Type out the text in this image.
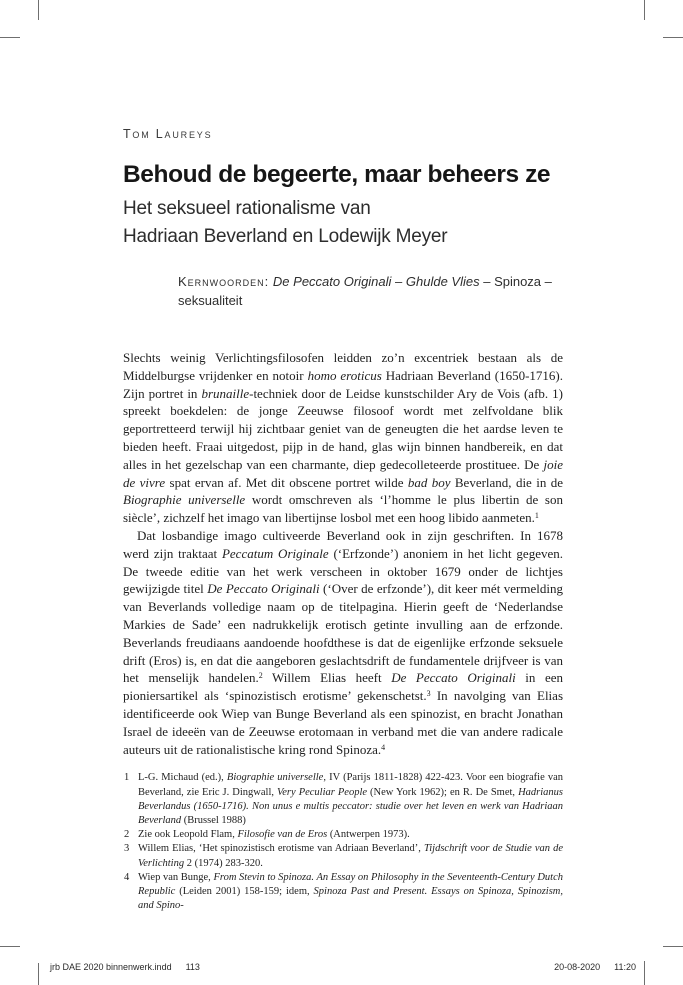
Tom Laureys
Behoud de begeerte, maar beheers ze
Het seksueel rationalisme van
Hadriaan Beverland en Lodewijk Meyer
Kernwoorden: De Peccato Originali – Ghulde Vlies – Spinoza – seksualiteit

Slechts weinig Verlichtingsfilosofen leidden zo’n excentriek bestaan als de Middelburgse vrijdenker en notoir homo eroticus Hadriaan Beverland (1650-1716). Zijn portret in brunaille-techniek door de Leidse kunstschilder Ary de Vois (afb. 1) spreekt boekdelen: de jonge Zeeuwse filosoof wordt met zelfvoldane blik geportretteerd terwijl hij zichtbaar geniet van de geneugten die het aardse leven te bieden heeft. Fraai uitgedost, pijp in de hand, glas wijn binnen handbereik, en dat alles in het gezelschap van een charmante, diep gedecolleteerde prostituee. De joie de vivre spat ervan af. Met dit obscene portret wilde bad boy Beverland, die in de Biographie universelle wordt omschreven als ‘l’homme le plus libertin de son siècle’, zichzelf het imago van libertijnse losbol met een hoog libido aanmeten.$^1$

Dat losbandige imago cultiveerde Beverland ook in zijn geschriften. In 1678 werd zijn traktaat Peccatum Originale (‘Erfzonde’) anoniem in het licht gegeven. De tweede editie van het werk verscheen in oktober 1679 onder de lichtjes gewijzigde titel De Peccato Originali (‘Over de erfzonde’), dit keer mét vermelding van Beverlands volledige naam op de titelpagina. Hierin geeft de ‘Nederlandse Markies de Sade’ een nadrukkelijk erotisch getinte invulling aan de erfzonde. Beverlands freudiaans aandoende hoofdthese is dat de eigenlijke erfzonde seksuele drift (Eros) is, en dat die aangeboren geslachtsdrift de fundamentele drijfveer is van het menselijk handelen.$^2$ Willem Elias heeft De Peccato Originali in een pioniersartikel als ‘spinozistisch erotisme’ gekenschetst.$^3$ In navolging van Elias identificeerde ook Wiep van Bunge Beverland als een spinozist, en bracht Jonathan Israel de ideeën van de Zeeuwse erotomaan in verband met die van andere radicale auteurs uit de rationalistische kring rond Spinoza.$^4$

1 L-G. Michaud (ed.), Biographie universelle, IV (Parijs 1811-1828) 422-423. Voor een biografie van Beverland, zie Eric J. Dingwall, Very Peculiar People (New York 1962); en R. De Smet, Hadrianus Beverlandus (1650-1716). Non unus e multis peccator: studie over het leven en werk van Hadriaan Beverland (Brussel 1988)
2 Zie ook Leopold Flam, Filosofie van de Eros (Antwerpen 1973).
3 Willem Elias, ‘Het spinozistisch erotisme van Adriaan Beverland’, Tijdschrift voor de Studie van de Verlichting 2 (1974) 283-320.
4 Wiep van Bunge, From Stevin to Spinoza. An Essay on Philosophy in the Seventeenth-Century Dutch Republic (Leiden 2001) 158-159; idem, Spinoza Past and Present. Essays on Spinoza, Spinozism, and Spino-
jrb DAE 2020 binnenwerk.indd 113	20-08-2020 11:20
